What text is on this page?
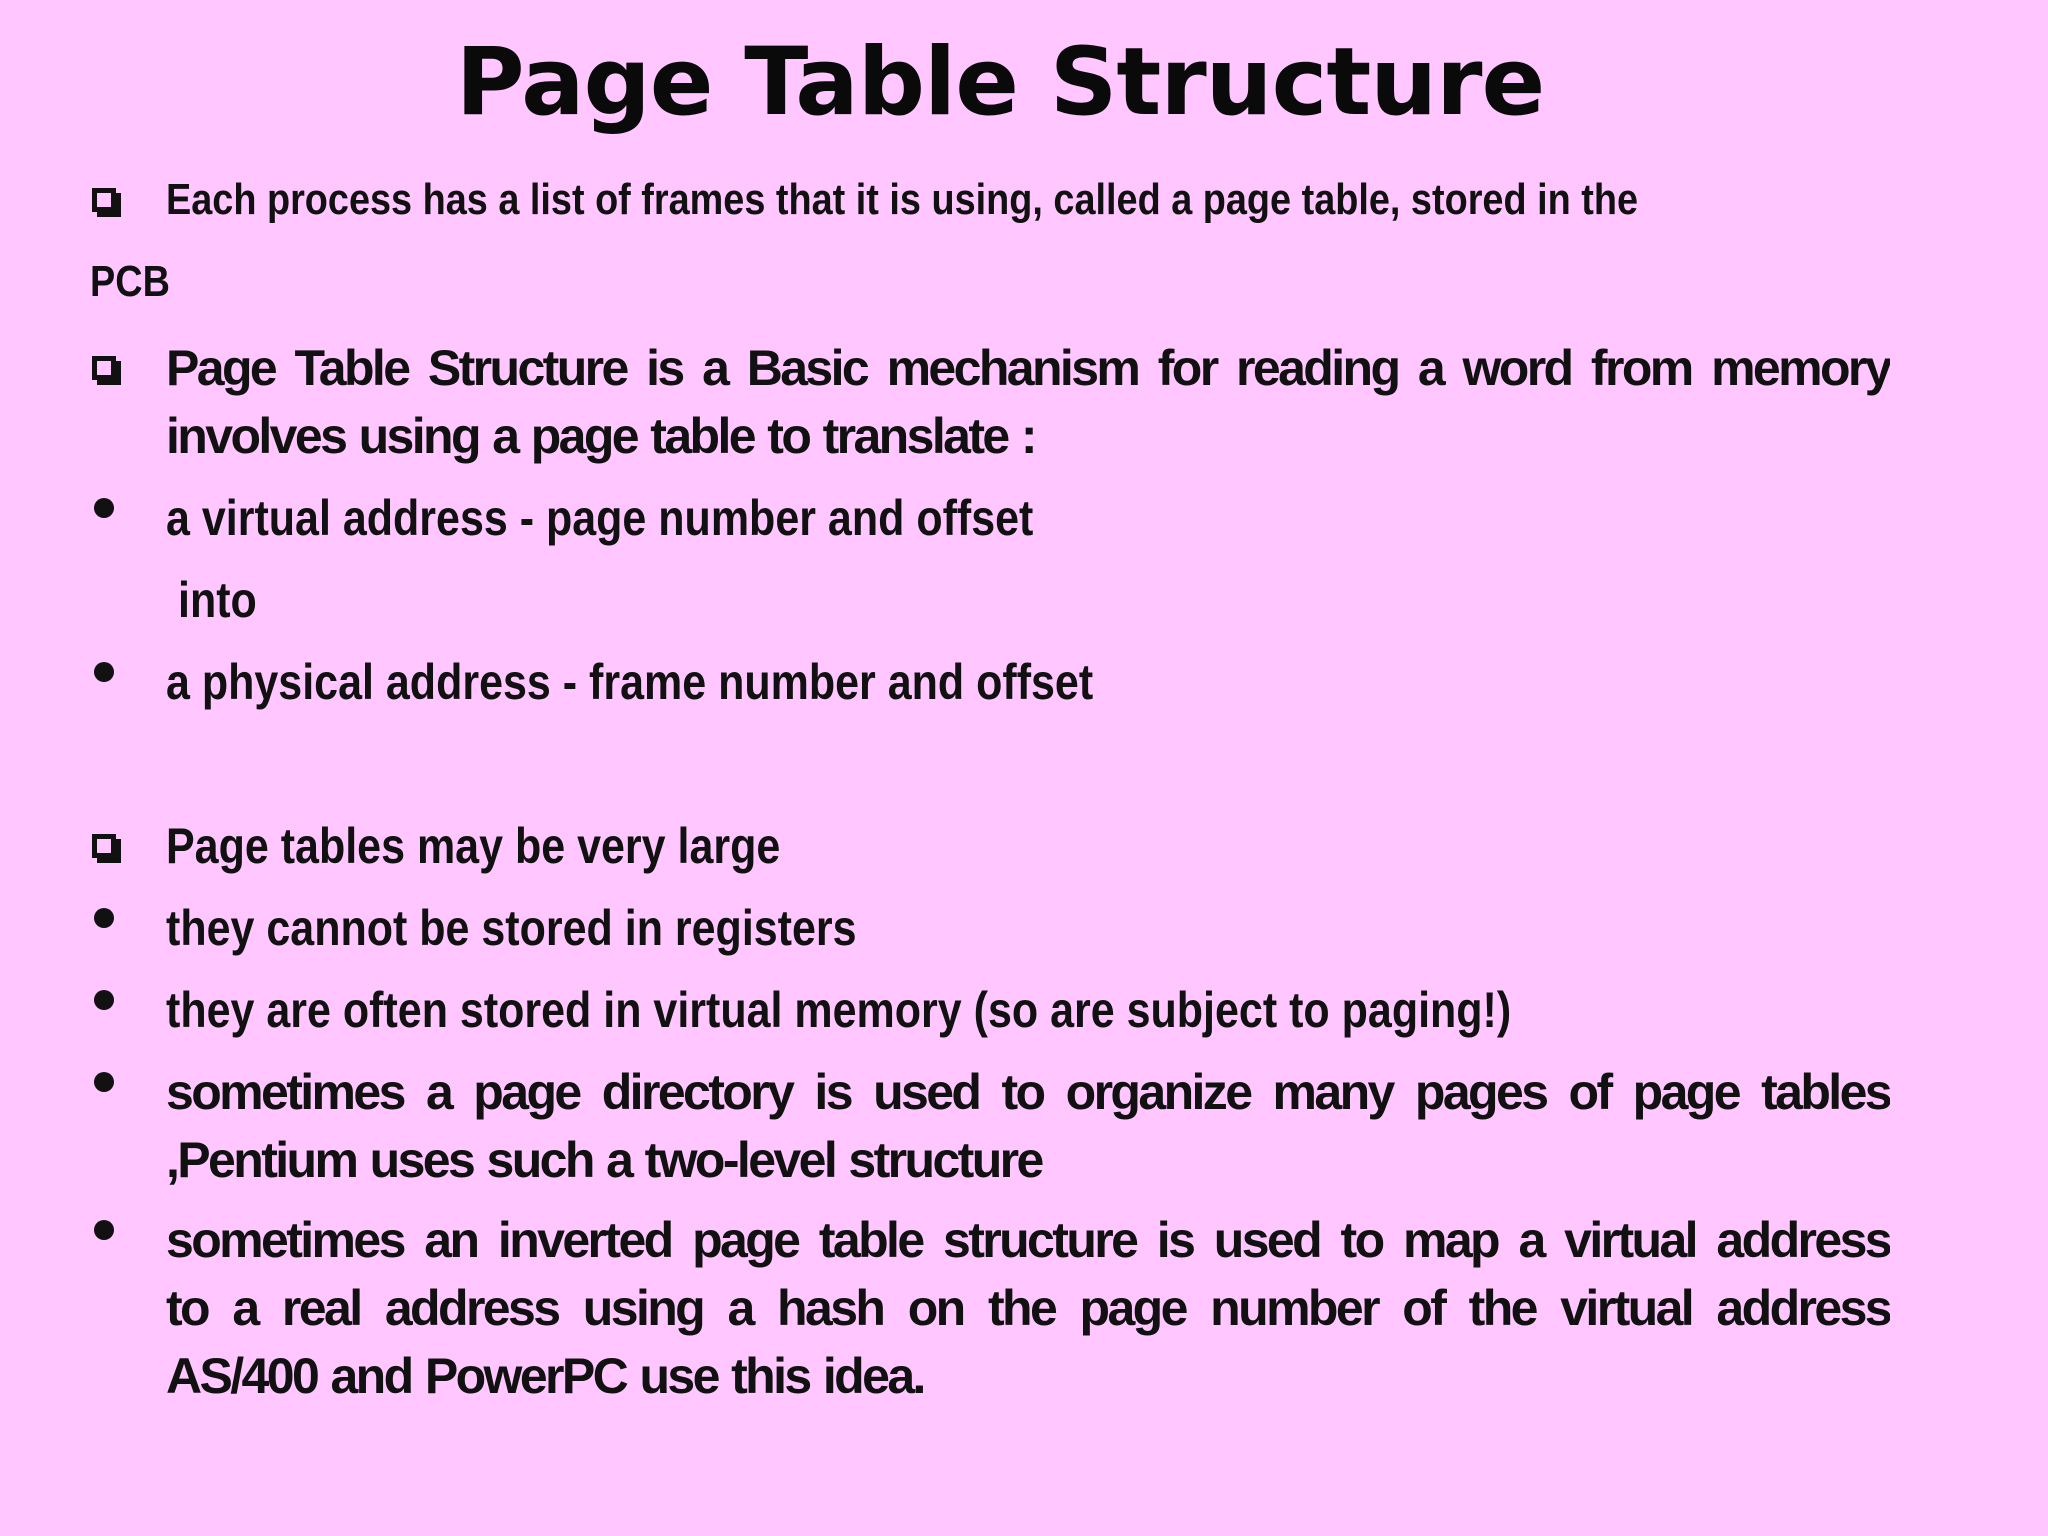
Page Table Structure
Each process has a list of frames that it is using, called a page table, stored in the
PCB
Page Table Structure is a Basic mechanism for reading a word from memory
involves using a page table to translate :
a virtual address - page number and offset
into
a physical address - frame number and offset
Page tables may be very large
they cannot be stored in registers
they are often stored in virtual memory (so are subject to paging!)
sometimes a page directory is used to organize many pages of page tables
,Pentium uses such a two-level structure
sometimes an inverted page table structure is used to map a virtual address
to a real address using a hash on the page number of the virtual address
AS/400 and PowerPC use this idea.
